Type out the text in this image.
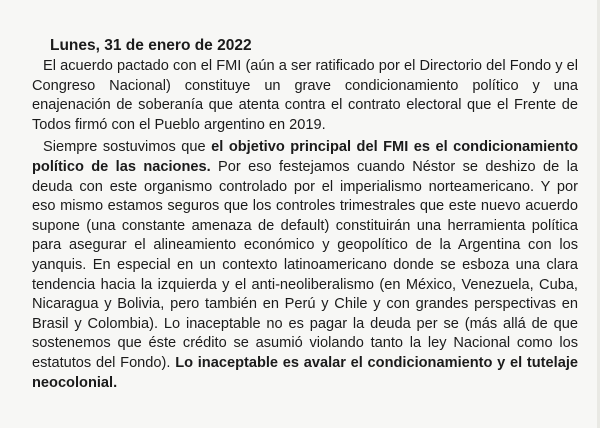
Lunes, 31 de enero de 2022

El acuerdo pactado con el FMI (aún a ser ratificado por el Directorio del Fondo y el Congreso Nacional) constituye un grave condicionamiento político y una enajenación de soberanía que atenta contra el contrato electoral que el Frente de Todos firmó con el Pueblo argentino en 2019.

Siempre sostuvimos que el objetivo principal del FMI es el condicionamiento político de las naciones. Por eso festejamos cuando Néstor se deshizo de la deuda con este organismo controlado por el imperialismo norteamericano. Y por eso mismo estamos seguros que los controles trimestrales que este nuevo acuerdo supone (una constante amenaza de default) constituirán una herramienta política para asegurar el alineamiento económico y geopolítico de la Argentina con los yanquis. En especial en un contexto latinoamericano donde se esboza una clara tendencia hacia la izquierda y el anti-neoliberalismo (en México, Venezuela, Cuba, Nicaragua y Bolivia, pero también en Perú y Chile y con grandes perspectivas en Brasil y Colombia). Lo inaceptable no es pagar la deuda per se (más allá de que sostenemos que éste crédito se asumió violando tanto la ley Nacional como los estatutos del Fondo). Lo inaceptable es avalar el condicionamiento y el tutelaje neocolonial.
